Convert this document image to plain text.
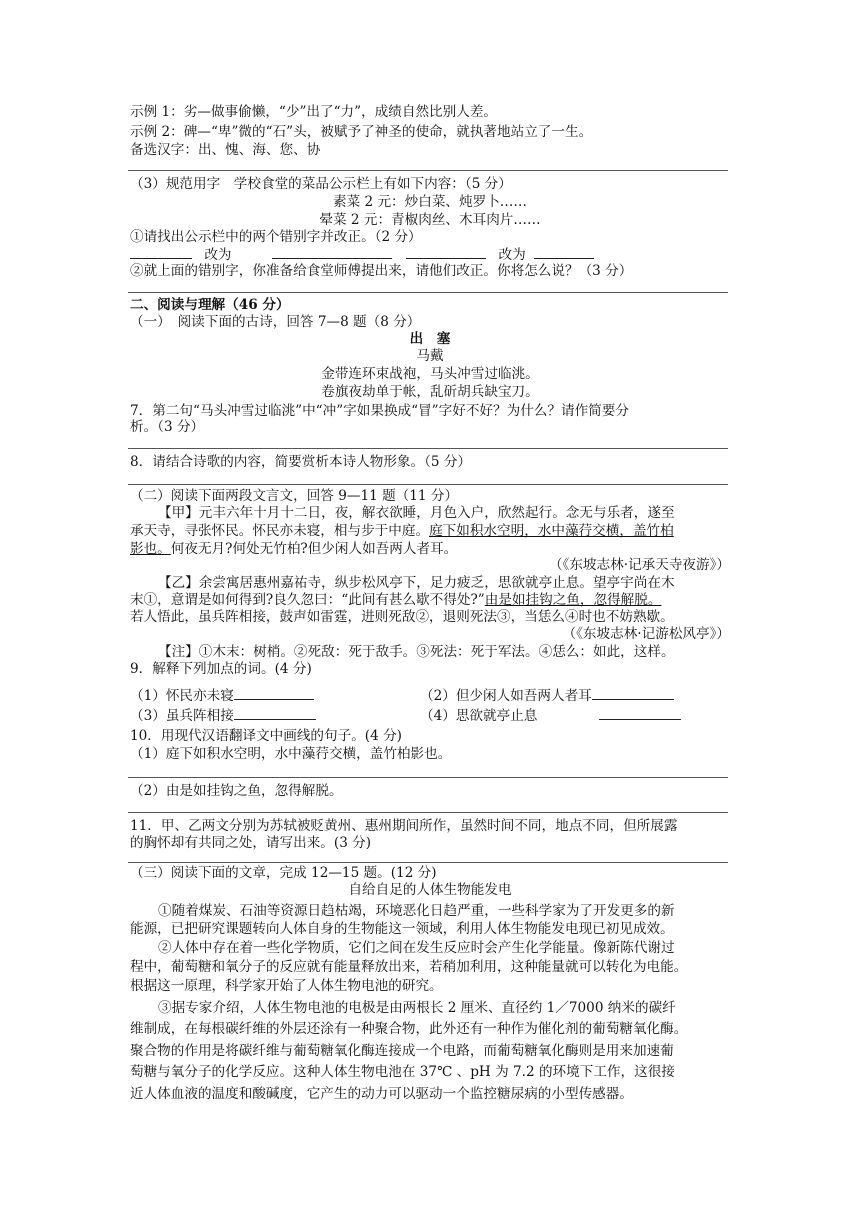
示例 1：劣—做事偷懒，“少”出了“力”，成绩自然比别人差。
示例 2：碑—“卑”微的“石”头，被赋予了神圣的使命，就执著地站立了一生。
备选汉字：出、愧、海、您、协
（3）规范用字　学校食堂的菜品公示栏上有如下内容：（5 分）
素菜 2 元：炒白菜、炖罗卜……
晕菜 2 元：青椒肉丝、木耳肉片……
①请找出公示栏中的两个错别字并改正。（2 分）
改为	改为
②就上面的错别字，你准备给食堂师傅提出来，请他们改正。你将怎么说？（3 分）
二、阅读与理解（46 分）
（一）　阅读下面的古诗，回答 7—8 题（8 分）
出　塞
马戴
金带连环束战袍，马头冲雪过临洮。
卷旗夜劫单于帐，乱斫胡兵缺宝刀。
7．第二句“马头冲雪过临洮”中“冲”字如果换成“冒”字好不好？为什么？请作简要分
析。（3 分）
8．请结合诗歌的内容，简要赏析本诗人物形象。（5 分）
（二）阅读下面两段文言文，回答 9—11 题（11 分）
【甲】元丰六年十月十二日，夜，解衣欲睡，月色入户，欣然起行。念无与乐者，遂至
承天寺，寻张怀民。怀民亦未寝，相与步于中庭。庭下如积水空明，水中藻荇交横，盖竹柏
影也。何夜无月?何处无竹柏?但少闲人如吾两人者耳。
（《东坡志林·记承天寺夜游》）
【乙】余尝寓居惠州嘉祐寺，纵步松风亭下，足力疲乏，思欲就亭止息。望亭宇尚在木
末①，意谓是如何得到?良久忽曰：“此间有甚么歇不得处?”由是如挂钩之鱼，忽得解脱。
若人悟此，虽兵阵相接，鼓声如雷霆，进则死敌②，退则死法③，当恁么④时也不妨熟歇。
（《东坡志林·记游松风亭》）
【注】①木末：树梢。②死敌：死于敌手。③死法：死于军法。④恁么：如此，这样。
9．解释下列加点的词。(4 分)
（1）怀民亦未寝	（2）但少闲人如吾两人者耳
（3）虽兵阵相接	（4）思欲就亭止息
10．用现代汉语翻译文中画线的句子。(4 分)
（1）庭下如积水空明，水中藻荇交横，盖竹柏影也。
（2）由是如挂钩之鱼，忽得解脱。
11．甲、乙两文分别为苏轼被贬黄州、惠州期间所作，虽然时间不同，地点不同，但所展露
的胸怀却有共同之处，请写出来。(3 分)
（三）阅读下面的文章，完成 12—15 题。(12 分)
自给自足的人体生物能发电
①随着煤炭、石油等资源日趋枯竭，环境恶化日趋严重，一些科学家为了开发更多的新
能源，已把研究课题转向人体自身的生物能这一领域，利用人体生物能发电现已初见成效。
②人体中存在着一些化学物质，它们之间在发生反应时会产生化学能量。像新陈代谢过
程中，葡萄糖和氧分子的反应就有能量释放出来，若稍加利用，这种能量就可以转化为电能。
根据这一原理，科学家开始了人体生物电池的研究。
③据专家介绍，人体生物电池的电极是由两根长 2 厘米、直径约 1／7000 纳米的碳纤
维制成，在每根碳纤维的外层还涂有一种聚合物，此外还有一种作为催化剂的葡萄糖氧化酶。
聚合物的作用是将碳纤维与葡萄糖氧化酶连接成一个电路，而葡萄糖氧化酶则是用来加速葡
萄糖与氧分子的化学反应。这种人体生物电池在 37℃ 、pH 为 7.2 的环境下工作，这很接
近人体血液的温度和酸碱度，它产生的动力可以驱动一个监控糖尿病的小型传感器。
